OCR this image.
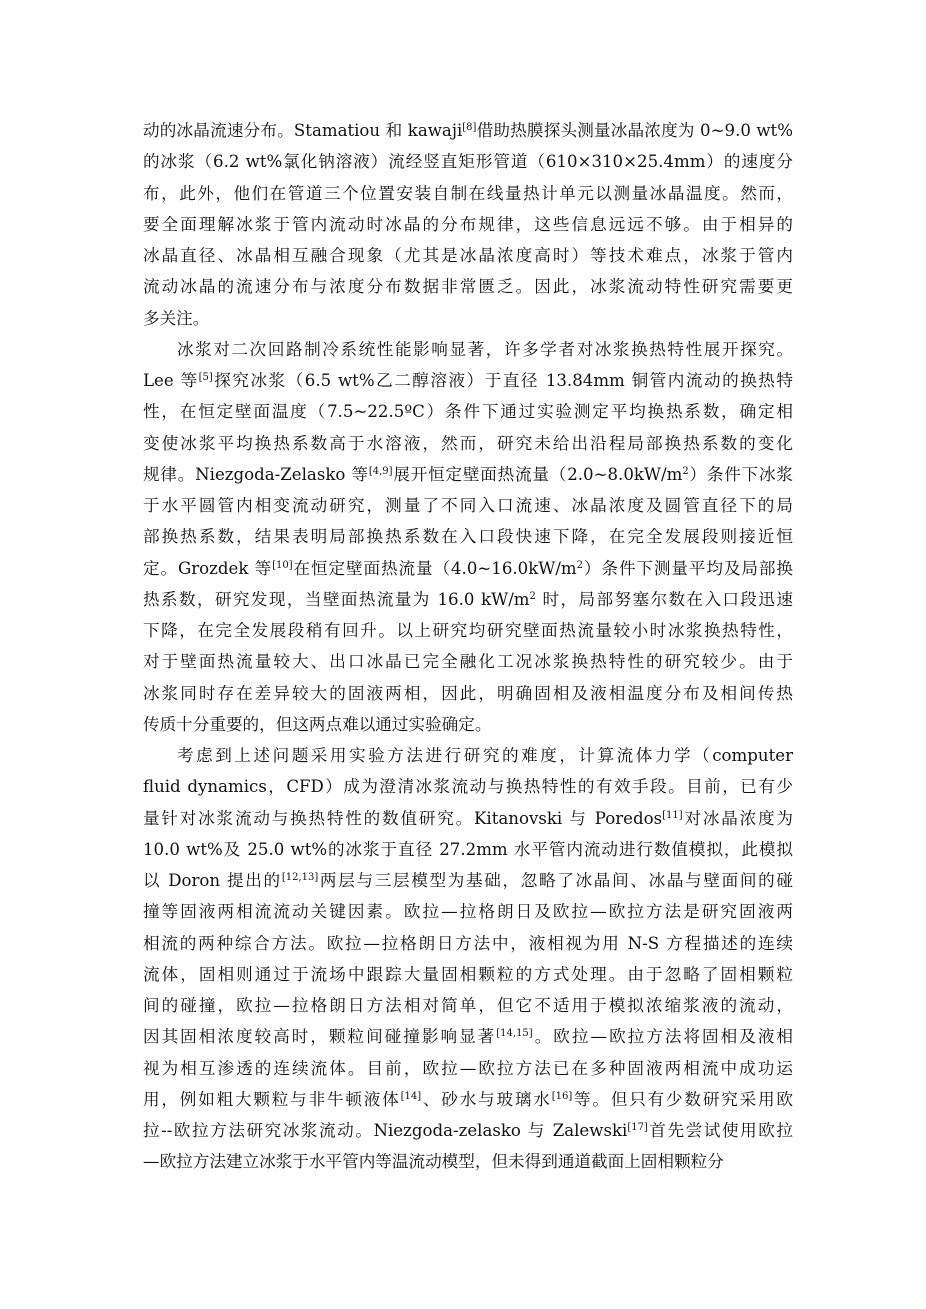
动的冰晶流速分布。Stamatiou 和 kawaji[8]借助热膜探头测量冰晶浓度为 0~9.0 wt%
的冰浆（6.2 wt%氯化钠溶液）流经竖直矩形管道（610×310×25.4mm）的速度分
布，此外，他们在管道三个位置安装自制在线量热计单元以测量冰晶温度。然而，
要全面理解冰浆于管内流动时冰晶的分布规律，这些信息远远不够。由于相异的
冰晶直径、冰晶相互融合现象（尤其是冰晶浓度高时）等技术难点，冰浆于管内
流动冰晶的流速分布与浓度分布数据非常匮乏。因此，冰浆流动特性研究需要更
多关注。
冰浆对二次回路制冷系统性能影响显著，许多学者对冰浆换热特性展开探究。
Lee 等[5]探究冰浆（6.5 wt%乙二醇溶液）于直径 13.84mm 铜管内流动的换热特
性，在恒定壁面温度（7.5~22.5ºC）条件下通过实验测定平均换热系数，确定相
变使冰浆平均换热系数高于水溶液，然而，研究未给出沿程局部换热系数的变化
规律。Niezgoda-Zelasko 等[4,9]展开恒定壁面热流量$(2.0\sim 8.0kW/m^2)$条件下冰浆
于水平圆管内相变流动研究，测量了不同入口流速、冰晶浓度及圆管直径下的局
部换热系数，结果表明局部换热系数在入口段快速下降，在完全发展段则接近恒
定。Grozdek 等[10]在恒定壁面热流量$(4.0\sim 16.0kW/m^2)$条件下测量平均及局部换
热系数，研究发现，当壁面热流量为 16.0 $kW/m^2$ 时，局部努塞尔数在入口段迅速
下降，在完全发展段稍有回升。以上研究均研究壁面热流量较小时冰浆换热特性，
对于壁面热流量较大、出口冰晶已完全融化工况冰浆换热特性的研究较少。由于
冰浆同时存在差异较大的固液两相，因此，明确固相及液相温度分布及相间传热
传质十分重要的，但这两点难以通过实验确定。
考虑到上述问题采用实验方法进行研究的难度，计算流体力学（computer
fluid dynamics，CFD）成为澄清冰浆流动与换热特性的有效手段。目前，已有少
量针对冰浆流动与换热特性的数值研究。Kitanovski 与 Poredos[11]对冰晶浓度为
10.0 wt%及 25.0 wt%的冰浆于直径 27.2mm 水平管内流动进行数值模拟，此模拟
以 Doron 提出的[12,13]两层与三层模型为基础，忽略了冰晶间、冰晶与壁面间的碰
撞等固液两相流流动关键因素。欧拉—拉格朗日及欧拉—欧拉方法是研究固液两
相流的两种综合方法。欧拉—拉格朗日方法中，液相视为用 N-S 方程描述的连续
流体，固相则通过于流场中跟踪大量固相颗粒的方式处理。由于忽略了固相颗粒
间的碰撞，欧拉—拉格朗日方法相对简单，但它不适用于模拟浓缩浆液的流动，
因其固相浓度较高时，颗粒间碰撞影响显著[14,15]。欧拉—欧拉方法将固相及液相
视为相互渗透的连续流体。目前，欧拉—欧拉方法已在多种固液两相流中成功运
用，例如粗大颗粒与非牛顿液体[14]、砂水与玻璃水[16]等。但只有少数研究采用欧
拉--欧拉方法研究冰浆流动。Niezgoda-zelasko 与 Zalewski[17]首先尝试使用欧拉
—欧拉方法建立冰浆于水平管内等温流动模型，但未得到通道截面上固相颗粒分
